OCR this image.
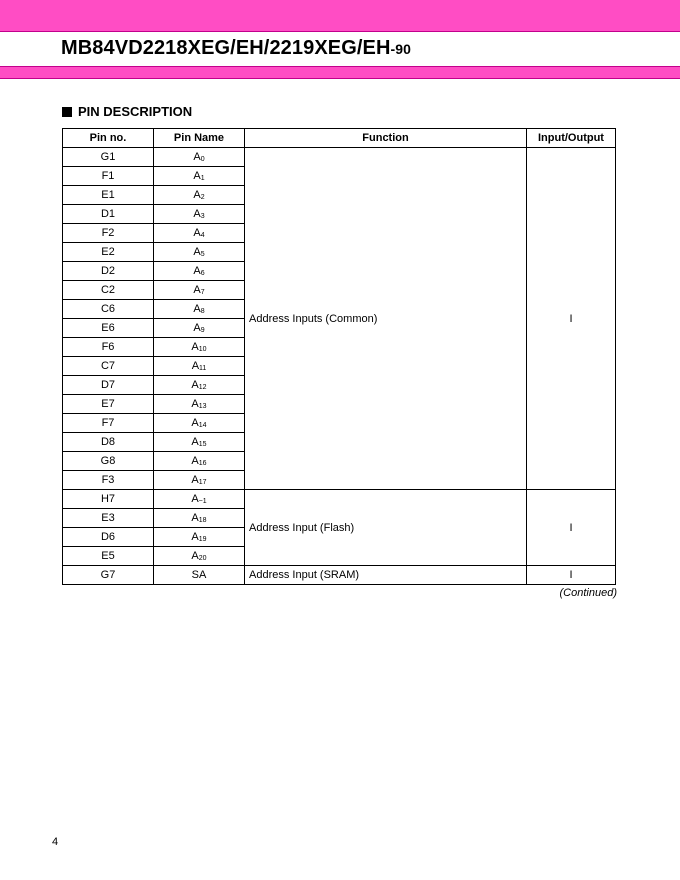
MB84VD2218XEG/EH/2219XEG/EH-90
PIN DESCRIPTION
Pin no.	Pin Name	Function	Input/Output
G1	$A_0$	Address Inputs (Common)	I
F1	$A_1$
E1	$A_2$
D1	$A_3$
F2	$A_4$
E2	$A_5$
D2	$A_6$
C2	$A_7$
C6	$A_8$
E6	$A_9$
F6	$A_{10}$
C7	$A_{11}$
D7	$A_{12}$
E7	$A_{13}$
F7	$A_{14}$
D8	$A_{15}$
G8	$A_{16}$
F3	$A_{17}$
H7	$A_{-1}$	Address Input (Flash)	I
E3	$A_{18}$
D6	$A_{19}$
E5	$A_{20}$
G7	SA	Address Input (SRAM)	I
(Continued)
4
